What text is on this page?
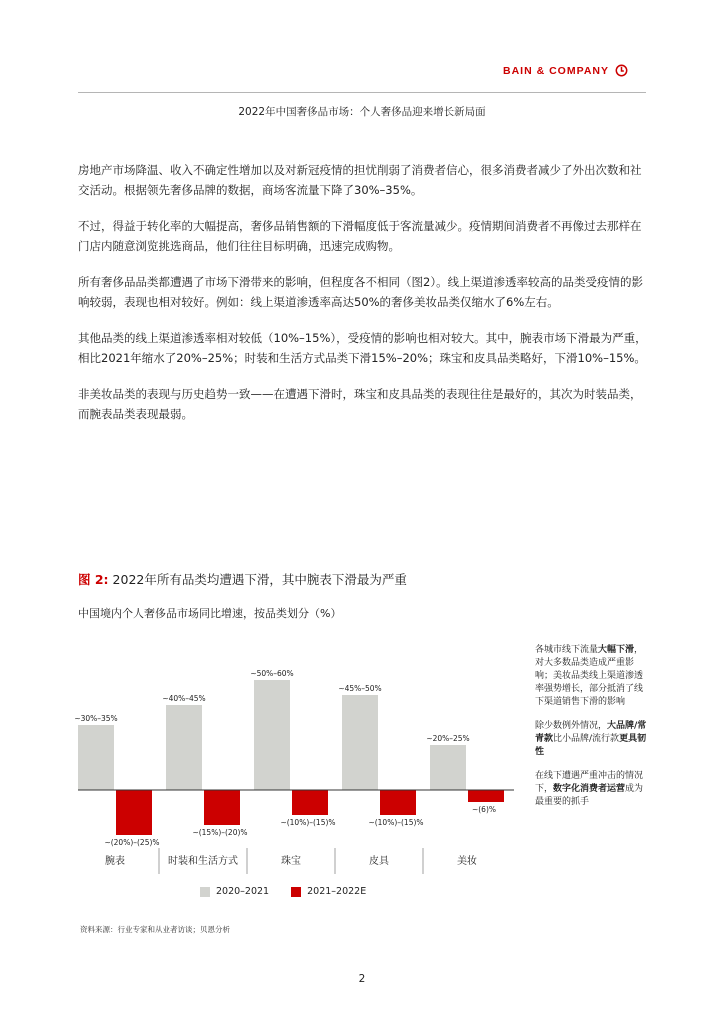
BAIN & COMPANY
2022年中国奢侈品市场：个人奢侈品迎来增长新局面

房地产市场降温、收入不确定性增加以及对新冠疫情的担忧削弱了消费者信心，很多消费者减少了外出次数和社交活动。根据领先奢侈品牌的数据，商场客流量下降了30%–35%。

不过，得益于转化率的大幅提高，奢侈品销售额的下滑幅度低于客流量减少。疫情期间消费者不再像过去那样在门店内随意浏览挑选商品，他们往往目标明确，迅速完成购物。

所有奢侈品品类都遭遇了市场下滑带来的影响，但程度各不相同（图2）。线上渠道渗透率较高的品类受疫情的影响较弱，表现也相对较好。例如：线上渠道渗透率高达50%的奢侈美妆品类仅缩水了6%左右。

其他品类的线上渠道渗透率相对较低（10%–15%），受疫情的影响也相对较大。其中，腕表市场下滑最为严重，相比2021年缩水了20%–25%；时装和生活方式品类下滑15%–20%；珠宝和皮具品类略好，下滑10%–15%。

非美妆品类的表现与历史趋势一致——在遭遇下滑时，珠宝和皮具品类的表现往往是最好的，其次为时装品类，而腕表品类表现最弱。

图 2: 2022年所有品类均遭遇下滑，其中腕表下滑最为严重
中国境内个人奢侈品市场同比增速，按品类划分（%）
~30%–35%
~(20%)–(25)%
腕表
~40%–45%
~(15%)–(20)%
时装和生活方式
~50%–60%
~(10%)–(15)%
珠宝
~45%–50%
~(10%)–(15)%
皮具
~20%–25%
~(6)%
美妆

各城市线下流量大幅下滑，对大多数品类造成严重影响；美妆品类线上渠道渗透率强势增长，部分抵消了线下渠道销售下滑的影响

除少数例外情况，大品牌/常青款比小品牌/流行款更具韧性

在线下遭遇严重冲击的情况下，数字化消费者运营成为最重要的抓手

2020–2021	2021–2022E
资料来源：行业专家和从业者访谈；贝恩分析
2
